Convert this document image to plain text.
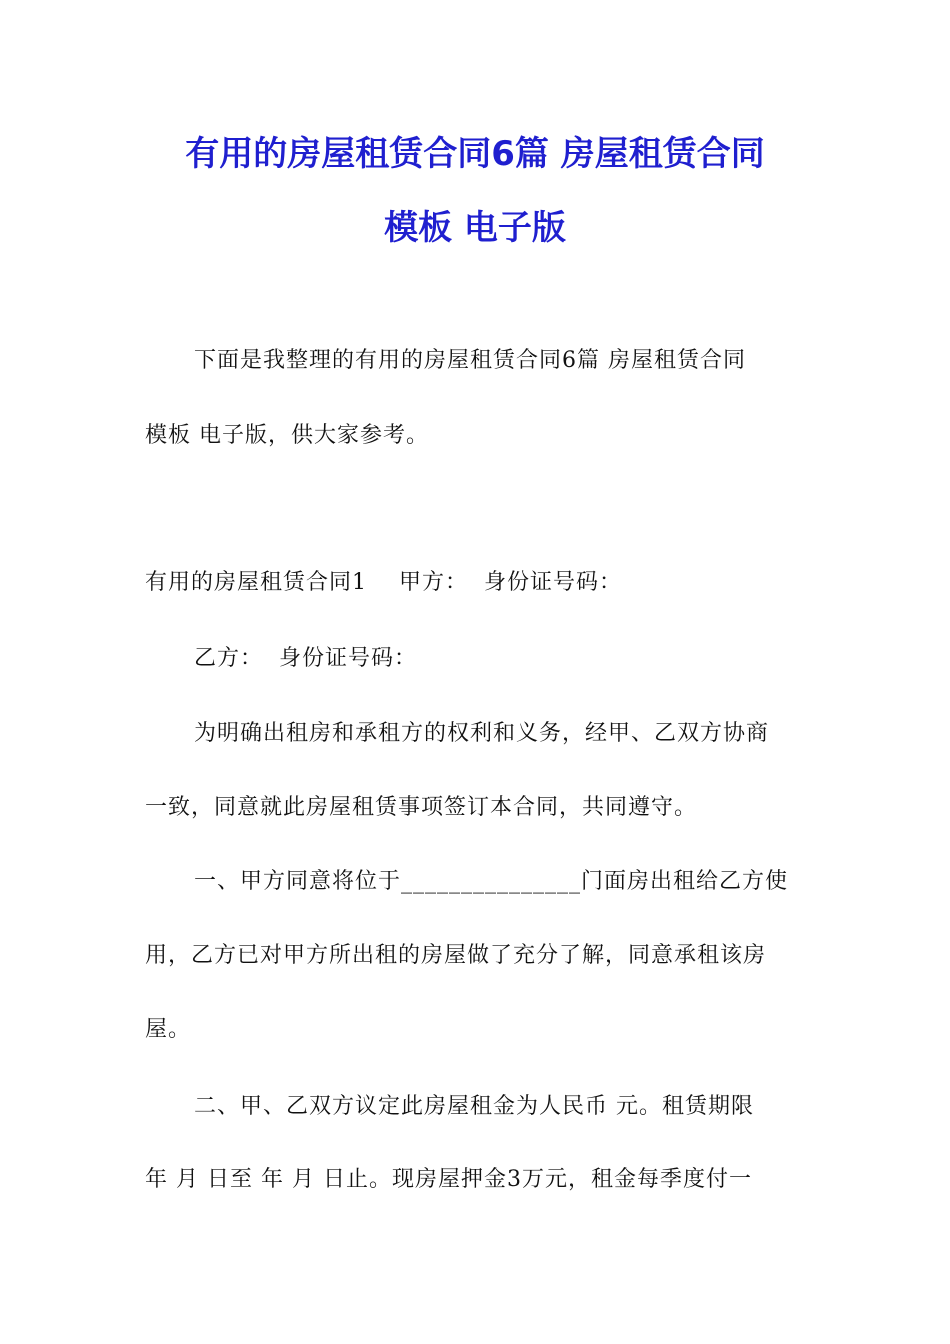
有用的房屋租赁合同6篇 房屋租赁合同
模板 电子版
下面是我整理的有用的房屋租赁合同6篇 房屋租赁合同
模板 电子版，供大家参考。
有用的房屋租赁合同1    甲方：  身份证号码：
乙方：  身份证号码：
为明确出租房和承租方的权利和义务，经甲、乙双方协商
一致，同意就此房屋租赁事项签订本合同，共同遵守。
一、甲方同意将位于_______________门面房出租给乙方使
用，乙方已对甲方所出租的房屋做了充分了解，同意承租该房
屋。
二、甲、乙双方议定此房屋租金为人民币 元。租赁期限
年 月 日至 年 月 日止。现房屋押金3万元，租金每季度付一
